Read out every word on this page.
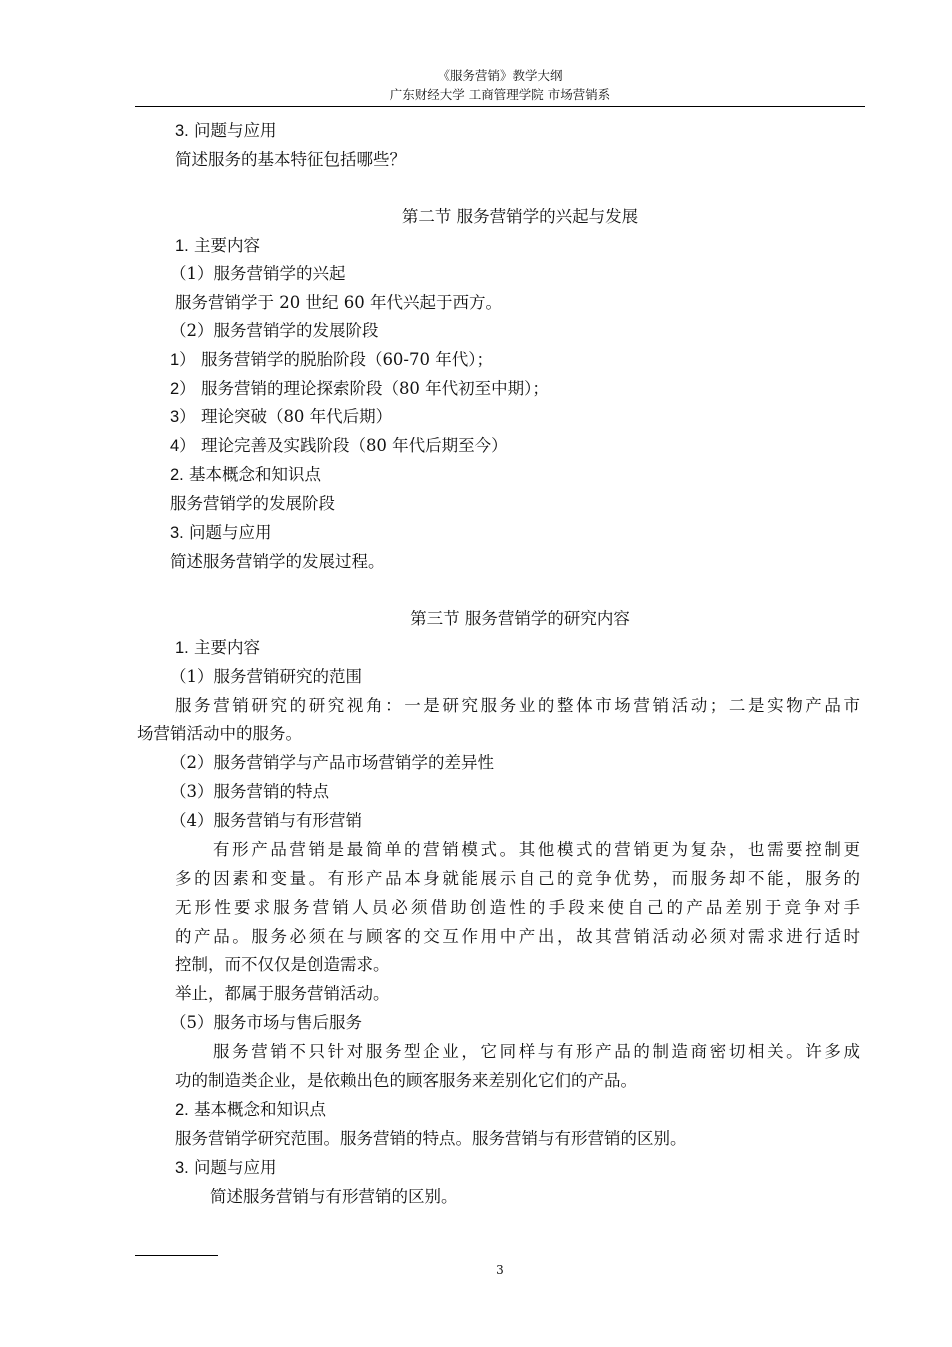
《服务营销》教学大纲
广东财经大学 工商管理学院 市场营销系
3. 问题与应用
简述服务的基本特征包括哪些？
第二节 服务营销学的兴起与发展
1. 主要内容
（1）服务营销学的兴起
服务营销学于 20 世纪 60 年代兴起于西方。
（2）服务营销学的发展阶段
1） 服务营销学的脱胎阶段（60-70 年代）；
2） 服务营销的理论探索阶段（80 年代初至中期）；
3） 理论突破（80 年代后期）
4） 理论完善及实践阶段（80 年代后期至今）
2. 基本概念和知识点
服务营销学的发展阶段
3. 问题与应用
简述服务营销学的发展过程。
第三节 服务营销学的研究内容
1. 主要内容
（1）服务营销研究的范围
服务营销研究的研究视角：一是研究服务业的整体市场营销活动；二是实物产品市
场营销活动中的服务。
（2）服务营销学与产品市场营销学的差异性
（3）服务营销的特点
（4）服务营销与有形营销
有形产品营销是最简单的营销模式。其他模式的营销更为复杂，也需要控制更
多的因素和变量。有形产品本身就能展示自己的竞争优势，而服务却不能，服务的
无形性要求服务营销人员必须借助创造性的手段来使自己的产品差别于竞争对手
的产品。服务必须在与顾客的交互作用中产出，故其营销活动必须对需求进行适时
控制，而不仅仅是创造需求。
举止，都属于服务营销活动。
（5）服务市场与售后服务
服务营销不只针对服务型企业，它同样与有形产品的制造商密切相关。许多成
功的制造类企业，是依赖出色的顾客服务来差别化它们的产品。
2. 基本概念和知识点
服务营销学研究范围。服务营销的特点。服务营销与有形营销的区别。
3. 问题与应用
简述服务营销与有形营销的区别。
3
